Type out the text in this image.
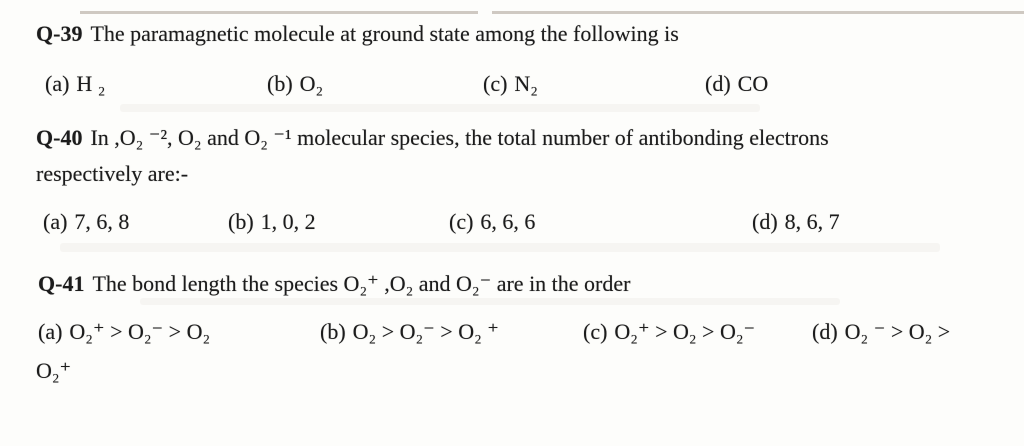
Q-39 The paramagnetic molecule at ground state among the following is
(a) H ₂	(b) O₂	(c) N₂	(d) CO
Q-40 In ,O₂ ⁻², O₂ and O₂ ⁻¹ molecular species, the total number of antibonding electrons
respectively are:-
(a) 7, 6, 8	(b) 1, 0, 2	(c) 6, 6, 6	(d) 8, 6, 7
Q-41 The bond length the species O₂⁺ ,O₂ and O₂⁻ are in the order
(a) O₂⁺ > O₂⁻ > O₂	(b) O₂ > O₂⁻ > O₂ ⁺	(c) O₂⁺ > O₂ > O₂⁻	(d) O₂ ⁻ > O₂ >
O₂⁺
